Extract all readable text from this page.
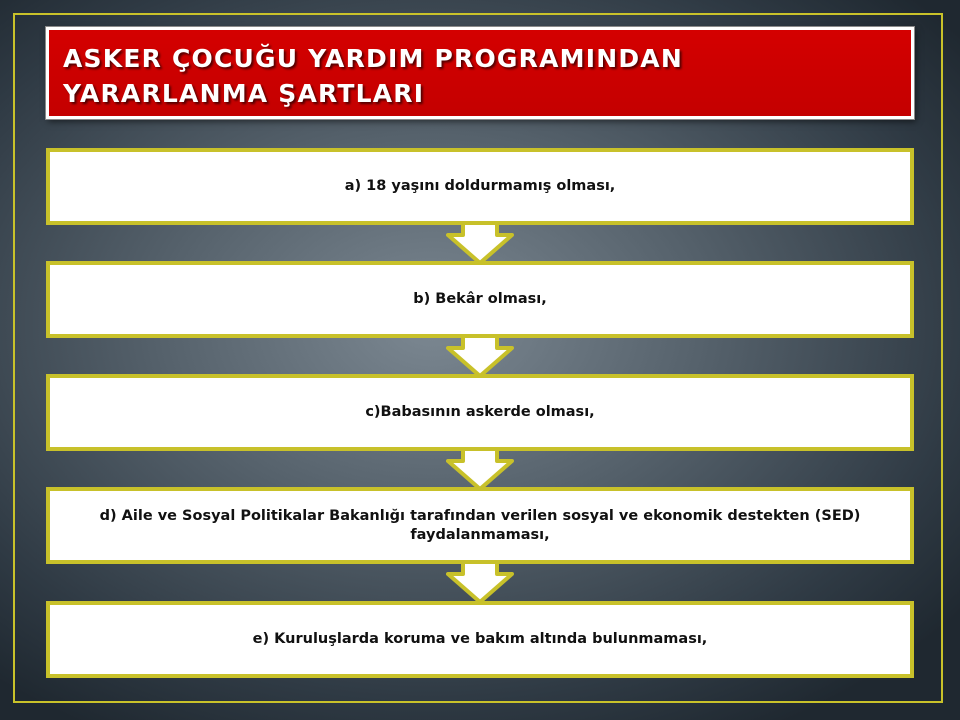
ASKER ÇOCUĞU YARDIM PROGRAMINDAN YARARLANMA ŞARTLARI
a) 18 yaşını doldurmamış olması,
b) Bekâr olması,
c)Babasının askerde olması,
d) Aile ve Sosyal Politikalar Bakanlığı tarafından verilen sosyal ve ekonomik destekten (SED) faydalanmaması,
e) Kuruluşlarda koruma ve bakım altında bulunmaması,
